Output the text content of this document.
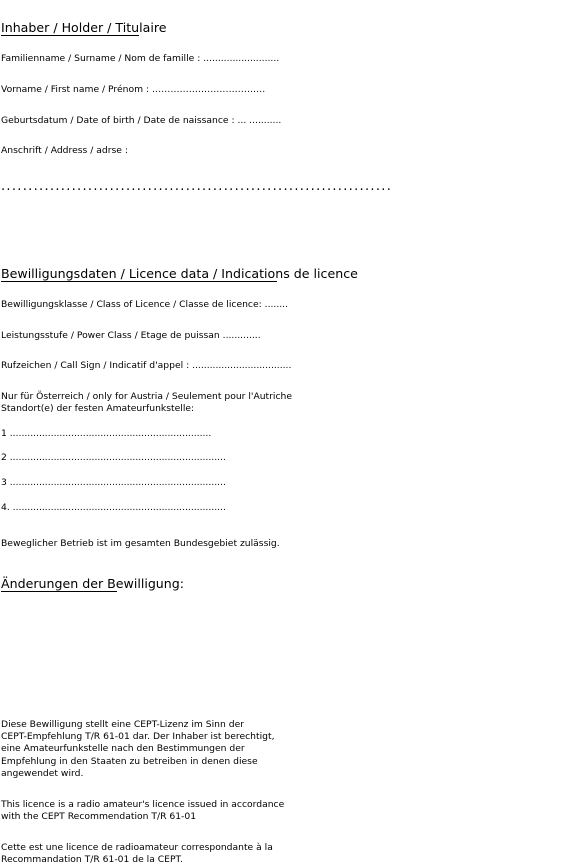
Inhaber / Holder / Titulaire
Familienname / Surname / Nom de famille : ..........................
Vorname / First name / Prénom : ……………………………….
Geburtsdatum / Date of birth / Date de naissance : ... ...........
Anschrift / Address / adrse :
........................................................................
Bewilligungsdaten / Licence data / Indications de licence
Bewilligungsklasse / Class of Licence / Classe de licence: ........
Leistungsstufe / Power Class / Etage de puissan .............
Rufzeichen / Call Sign / Indicatif d'appel : ..................................
Nur für Österreich / only for Austria / Seulement pour l'Autriche
Standort(e) der festen Amateurfunkstelle:
1 .....................................................................
2 ..........................................................................
3 ..........................................................................
4. .........................................................................
Beweglicher Betrieb ist im gesamten Bundesgebiet zulässig.
Änderungen der Bewilligung:
Diese Bewilligung stellt eine CEPT-Lizenz im Sinn der
CEPT-Empfehlung T/R 61-01 dar. Der Inhaber ist berechtigt,
eine Amateurfunkstelle nach den Bestimmungen der
Empfehlung in den Staaten zu betreiben in denen diese
angewendet wird.
This licence is a radio amateur's licence issued in accordance
with the CEPT Recommendation T/R 61-01
Cette est une licence de radioamateur correspondante à la
Recommandation T/R 61-01 de la CEPT.
